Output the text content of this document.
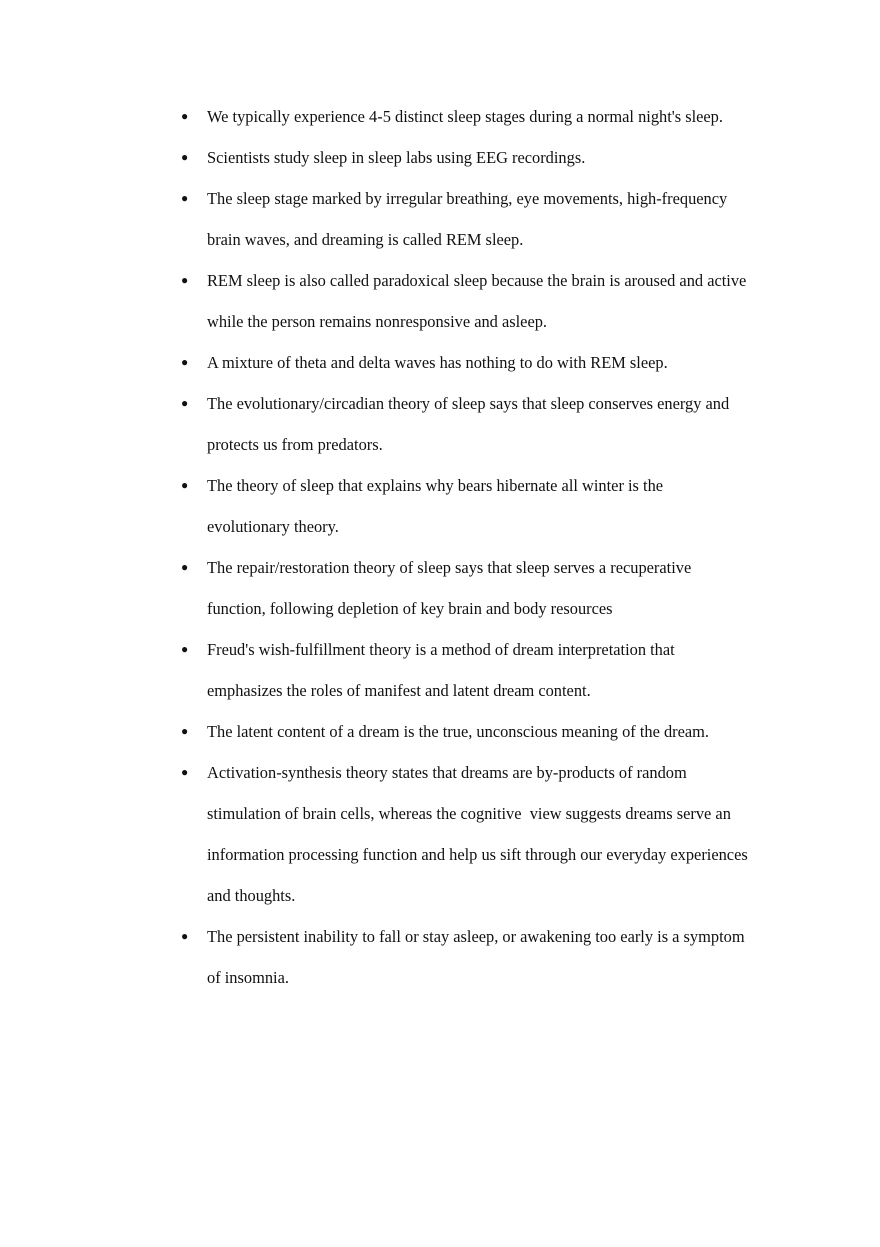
● We typically experience 4-5 distinct sleep stages during a normal night's sleep.
● Scientists study sleep in sleep labs using EEG recordings.
● The sleep stage marked by irregular breathing, eye movements, high-frequency
brain waves, and dreaming is called REM sleep.
● REM sleep is also called paradoxical sleep because the brain is aroused and active
while the person remains nonresponsive and asleep.
● A mixture of theta and delta waves has nothing to do with REM sleep.
● The evolutionary/circadian theory of sleep says that sleep conserves energy and
protects us from predators.
● The theory of sleep that explains why bears hibernate all winter is the
evolutionary theory.
● The repair/restoration theory of sleep says that sleep serves a recuperative
function, following depletion of key brain and body resources
● Freud's wish-fulfillment theory is a method of dream interpretation that
emphasizes the roles of manifest and latent dream content.
● The latent content of a dream is the true, unconscious meaning of the dream.
● Activation-synthesis theory states that dreams are by-products of random
stimulation of brain cells, whereas the cognitive  view suggests dreams serve an
information processing function and help us sift through our everyday experiences
and thoughts.
● The persistent inability to fall or stay asleep, or awakening too early is a symptom
of insomnia.
